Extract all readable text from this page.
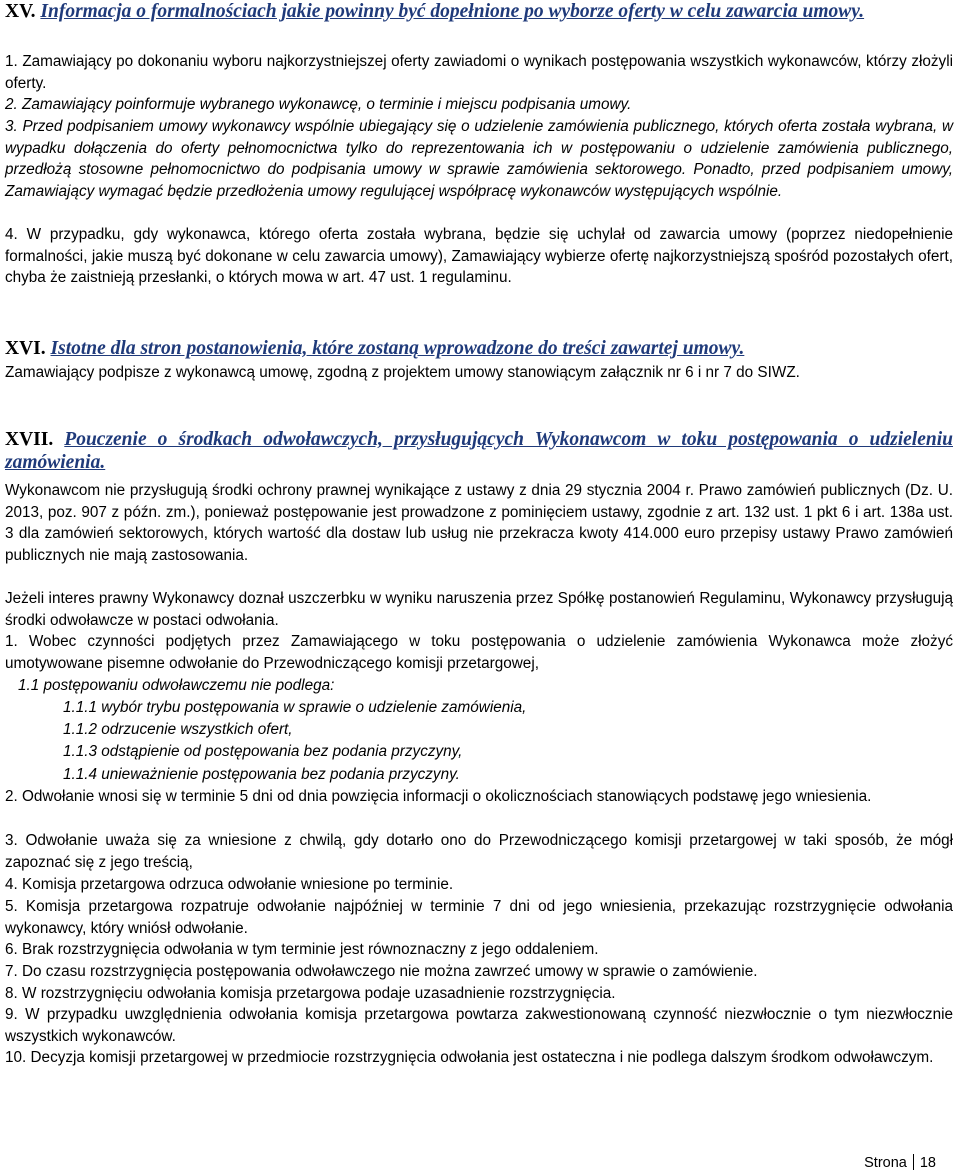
XV. Informacja o formalnościach jakie powinny być dopełnione po wyborze oferty w celu zawarcia umowy.

1. Zamawiający po dokonaniu wyboru najkorzystniejszej oferty zawiadomi o wynikach postępowania wszystkich wykonawców, którzy złożyli oferty.

2. Zamawiający poinformuje wybranego wykonawcę, o terminie i miejscu podpisania umowy.

3. Przed podpisaniem umowy wykonawcy wspólnie ubiegający się o udzielenie zamówienia publicznego, których oferta została wybrana, w wypadku dołączenia do oferty pełnomocnictwa tylko do reprezentowania ich w postępowaniu o udzielenie zamówienia publicznego, przedłożą stosowne pełnomocnictwo do podpisania umowy w sprawie zamówienia sektorowego. Ponadto, przed podpisaniem umowy, Zamawiający wymagać będzie przedłożenia umowy regulującej współpracę wykonawców występujących wspólnie.

4. W przypadku, gdy wykonawca, którego oferta została wybrana, będzie się uchylał od zawarcia umowy (poprzez niedopełnienie formalności, jakie muszą być dokonane w celu zawarcia umowy), Zamawiający wybierze ofertę najkorzystniejszą spośród pozostałych ofert, chyba że zaistnieją przesłanki, o których mowa w art. 47 ust. 1 regulaminu.

XVI. Istotne dla stron postanowienia, które zostaną wprowadzone do treści zawartej umowy.

Zamawiający podpisze z wykonawcą umowę, zgodną z projektem umowy stanowiącym załącznik nr 6 i nr 7 do SIWZ.

XVII. Pouczenie o środkach odwoławczych, przysługujących Wykonawcom w toku postępowania o udzieleniu zamówienia.

Wykonawcom nie przysługują środki ochrony prawnej wynikające z ustawy z dnia 29 stycznia 2004 r. Prawo zamówień publicznych (Dz. U. 2013, poz. 907 z późn. zm.), ponieważ postępowanie jest prowadzone z pominięciem ustawy, zgodnie z art. 132 ust. 1 pkt 6 i art. 138a ust. 3 dla zamówień sektorowych, których wartość dla dostaw lub usług nie przekracza kwoty 414.000 euro przepisy ustawy Prawo zamówień publicznych nie mają zastosowania.

Jeżeli interes prawny Wykonawcy doznał uszczerbku w wyniku naruszenia przez Spółkę postanowień Regulaminu, Wykonawcy przysługują środki odwoławcze w postaci odwołania.

1. Wobec czynności podjętych przez Zamawiającego w toku postępowania o udzielenie zamówienia Wykonawca może złożyć umotywowane pisemne odwołanie do Przewodniczącego komisji przetargowej,

1.1 postępowaniu odwoławczemu nie podlega:

1.1.1 wybór trybu postępowania w sprawie o udzielenie zamówienia,

1.1.2 odrzucenie wszystkich ofert,

1.1.3 odstąpienie od postępowania bez podania przyczyny,

1.1.4 unieważnienie postępowania bez podania przyczyny.

2. Odwołanie wnosi się w terminie 5 dni od dnia powzięcia informacji o okolicznościach stanowiących podstawę jego wniesienia.

3. Odwołanie uważa się za wniesione z chwilą, gdy dotarło ono do Przewodniczącego komisji przetargowej w taki sposób, że mógł zapoznać się z jego treścią,

4. Komisja przetargowa odrzuca odwołanie wniesione po terminie.

5. Komisja przetargowa rozpatruje odwołanie najpóźniej w terminie 7 dni od jego wniesienia, przekazując rozstrzygnięcie odwołania wykonawcy, który wniósł odwołanie.

6. Brak rozstrzygnięcia odwołania w tym terminie jest równoznaczny z jego oddaleniem.

7. Do czasu rozstrzygnięcia postępowania odwoławczego nie można zawrzeć umowy w sprawie o zamówienie.

8. W rozstrzygnięciu odwołania komisja przetargowa podaje uzasadnienie rozstrzygnięcia.

9. W przypadku uwzględnienia odwołania komisja przetargowa powtarza zakwestionowaną czynność niezwłocznie o tym niezwłocznie wszystkich wykonawców.

10. Decyzja komisji przetargowej w przedmiocie rozstrzygnięcia odwołania jest ostateczna i nie podlega dalszym środkom odwoławczym.

Strona 18
